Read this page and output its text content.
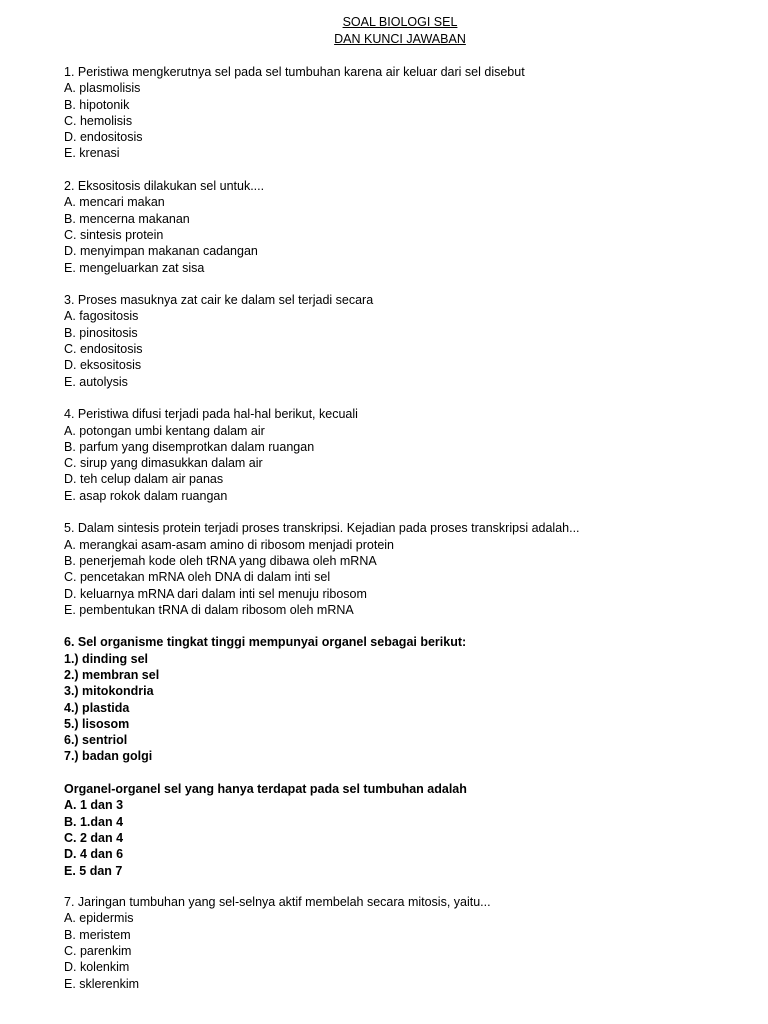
SOAL BIOLOGI SEL
DAN KUNCI JAWABAN
1. Peristiwa mengkerutnya sel pada sel tumbuhan karena air keluar dari sel disebut
A. plasmolisis
B. hipotonik
C. hemolisis
D. endositosis
E. krenasi
2. Eksositosis dilakukan sel untuk....
A. mencari makan
B. mencerna makanan
C. sintesis protein
D. menyimpan makanan cadangan
E. mengeluarkan zat sisa
3. Proses masuknya zat cair ke dalam sel terjadi secara
A. fagositosis
B. pinositosis
C. endositosis
D. eksositosis
E. autolysis
4. Peristiwa difusi terjadi pada hal-hal berikut, kecuali
A. potongan umbi kentang dalam air
B. parfum yang disemprotkan dalam ruangan
C. sirup yang dimasukkan dalam air
D. teh celup dalam air panas
E. asap rokok dalam ruangan
5. Dalam sintesis protein terjadi proses transkripsi. Kejadian pada proses transkripsi adalah...
A. merangkai asam-asam amino di ribosom menjadi protein
B. penerjemah kode oleh tRNA yang dibawa oleh mRNA
C. pencetakan mRNA oleh DNA di dalam inti sel
D. keluarnya mRNA dari dalam inti sel menuju ribosom
E. pembentukan tRNA di dalam ribosom oleh mRNA
6. Sel organisme tingkat tinggi mempunyai organel sebagai berikut:
1.) dinding sel
2.) membran sel
3.) mitokondria
4.) plastida
5.) lisosom
6.) sentriol
7.) badan golgi
Organel-organel sel yang hanya terdapat pada sel tumbuhan adalah
A. 1 dan 3
B. 1.dan 4
C. 2 dan 4
D. 4 dan 6
E. 5 dan 7
7. Jaringan tumbuhan yang sel-selnya aktif membelah secara mitosis, yaitu...
A. epidermis
B. meristem
C. parenkim
D. kolenkim
E. sklerenkim
